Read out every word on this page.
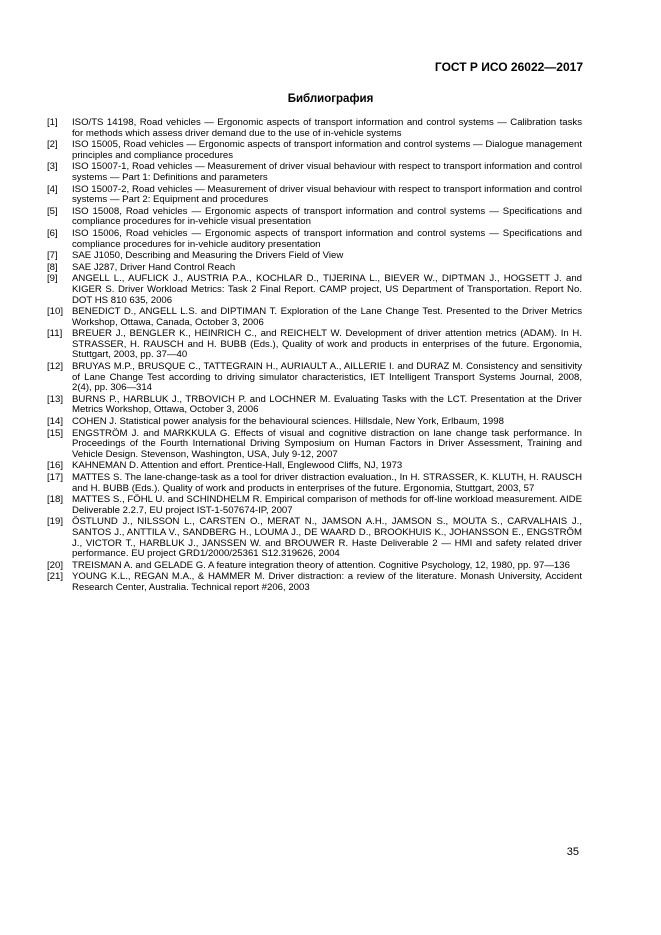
ГОСТ Р ИСО 26022—2017

Библиография
[1]	ISO/TS 14198, Road vehicles — Ergonomic aspects of transport information and control systems — Calibration tasks for methods which assess driver demand due to the use of in-vehicle systems
[2]	ISO 15005, Road vehicles — Ergonomic aspects of transport information and control systems — Dialogue management principles and compliance procedures
[3]	ISO 15007-1, Road vehicles — Measurement of driver visual behaviour with respect to transport information and control systems — Part 1: Definitions and parameters
[4]	ISO 15007-2, Road vehicles — Measurement of driver visual behaviour with respect to transport information and control systems — Part 2: Equipment and procedures
[5]	ISO 15008, Road vehicles — Ergonomic aspects of transport information and control systems — Specifications and compliance procedures for in-vehicle visual presentation
[6]	ISO 15006, Road vehicles — Ergonomic aspects of transport information and control systems — Specifications and compliance procedures for in-vehicle auditory presentation
[7]	SAE J1050, Describing and Measuring the Drivers Field of View
[8]	SAE J287, Driver Hand Control Reach
[9]	ANGELL L., AUFLICK J., AUSTRIA P.A., KOCHLAR D., TIJERINA L., BIEVER W., DIPTMAN J., HOGSETT J. and KIGER S. Driver Workload Metrics: Task 2 Final Report. CAMP project, US Department of Transportation. Report No. DOT HS 810 635, 2006
[10] BENEDICT D., ANGELL L.S. and DIPTIMAN T. Exploration of the Lane Change Test. Presented to the Driver Metrics Workshop, Ottawa, Canada, October 3, 2006
[11]	BREUER J., BENGLER K., HEINRICH C., and REICHELT W. Development of driver attention metrics (ADAM). In H. STRASSER, H. RAUSCH and H. BUBB (Eds.), Quality of work and products in enterprises of the future. Ergonomia, Stuttgart, 2003, pp. 37—40
[12] BRUYAS M.P., BRUSQUE C., TATTEGRAIN H., AURIAULT A., AILLERIE I. and DURAZ M. Consistency and sensitivity of Lane Change Test according to driving simulator characteristics, IET Intelligent Transport Systems Journal, 2008, 2(4), pp. 306—314
[13] BURNS P., HARBLUK J., TRBOVICH P. and LOCHNER M. Evaluating Tasks with the LCT. Presentation at the Driver Metrics Workshop, Ottawa, October 3, 2006
[14] COHEN J. Statistical power analysis for the behavioural sciences. Hillsdale, New York, Erlbaum, 1998
[15] ENGSTRÖM J. and MARKKULA G. Effects of visual and cognitive distraction on lane change task performance. In Proceedings of the Fourth International Driving Symposium on Human Factors in Driver Assessment, Training and Vehicle Design. Stevenson, Washington, USA, July 9-12, 2007
[16] KAHNEMAN D. Attention and effort. Prentice-Hall, Englewood Cliffs, NJ, 1973
[17] MATTES S. The lane-change-task as a tool for driver distraction evaluation., In H. STRASSER, K. KLUTH, H. RAUSCH and H. BUBB (Eds.). Quality of work and products in enterprises of the future. Ergonomia, Stuttgart, 2003, 57
[18] MATTES S., FÖHL U. and SCHINDHELM R. Empirical comparison of methods for off-line workload measurement. AIDE Deliverable 2.2.7, EU project IST-1-507674-IP, 2007
[19] ÖSTLUND J., NILSSON L., CARSTEN O., MERAT N., JAMSON A.H., JAMSON S., MOUTA S., CARVALHAIS J., SANTOS J., ANTTILA V., SANDBERG H., LOUMA J., DE WAARD D., BROOKHUIS K., JOHANSSON E., ENGSTRÖM J., VICTOR T., HARBLUK J., JANSSEN W. and BROUWER R. Haste Deliverable 2 — HMI and safety related driver performance. EU project GRD1/2000/25361 S12.319626, 2004
[20] TREISMAN A. and GELADE G. A feature integration theory of attention. Cognitive Psychology, 12, 1980, pp. 97—136
[21] YOUNG K.L., REGAN M.A., & HAMMER M. Driver distraction: a review of the literature. Monash University, Accident Research Center, Australia. Technical report #206, 2003

35
